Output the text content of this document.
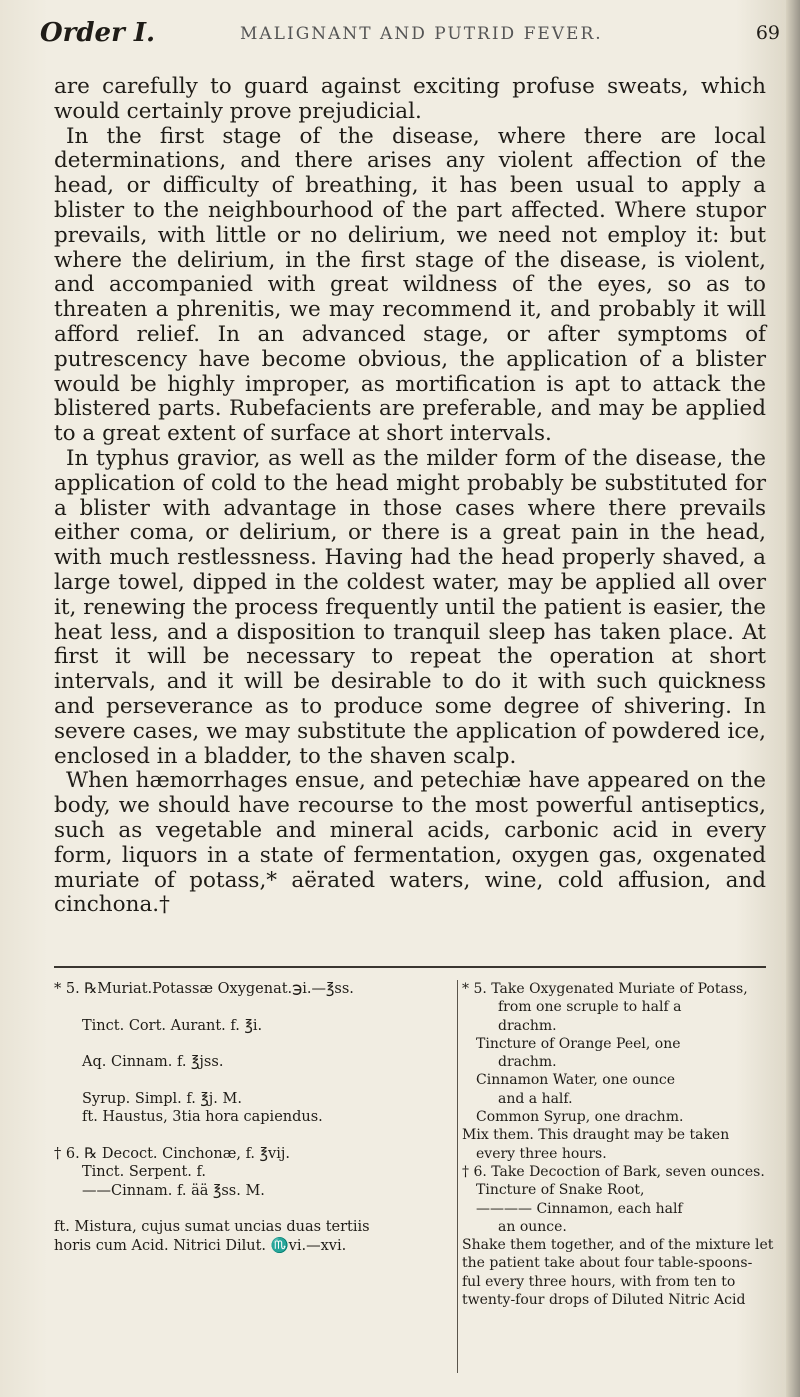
Order I.	MALIGNANT AND PUTRID FEVER.	69

are carefully to guard against exciting profuse sweats, which would certainly prove prejudicial.

In the first stage of the disease, where there are local determinations, and there arises any violent affection of the head, or difficulty of breathing, it has been usual to apply a blister to the neighbourhood of the part affected. Where stupor prevails, with little or no delirium, we need not employ it: but where the delirium, in the first stage of the disease, is violent, and accompanied with great wildness of the eyes, so as to threaten a phrenitis, we may recommend it, and probably it will afford relief. In an advanced stage, or after symptoms of putrescency have become obvious, the application of a blister would be highly improper, as mortification is apt to attack the blistered parts. Rubefacients are preferable, and may be applied to a great extent of surface at short intervals.

In typhus gravior, as well as the milder form of the disease, the application of cold to the head might probably be substituted for a blister with advantage in those cases where there prevails either coma, or delirium, or there is a great pain in the head, with much restlessness. Having had the head properly shaved, a large towel, dipped in the coldest water, may be applied all over it, renewing the process frequently until the patient is easier, the heat less, and a disposition to tranquil sleep has taken place. At first it will be necessary to repeat the operation at short intervals, and it will be desirable to do it with such quickness and perseverance as to produce some degree of shivering. In severe cases, we may substitute the application of powdered ice, enclosed in a bladder, to the shaven scalp.

When hæmorrhages ensue, and petechiæ have appeared on the body, we should have recourse to the most powerful antiseptics, such as vegetable and mineral acids, carbonic acid in every form, liquors in a state of fermentation, oxygen gas, oxgenated muriate of potass,* aërated waters, wine, cold affusion, and cinchona.†

* 5. ℞Muriat.Potassæ Oxygenat.℈i.—℥ss.
Tinct. Cort. Aurant. f. ℥i.
Aq. Cinnam. f. ℥jss.
Syrup. Simpl. f. ℥j. M.
ft. Haustus, 3tia hora capiendus.
† 6. ℞ Decoct. Cinchonæ, f. ℥vij.
Tinct. Serpent. f.
——Cinnam. f. ää ℥ss. M.
ft. Mistura, cujus sumat uncias duas tertiis
horis cum Acid. Nitrici Dilut. ♏vi.—xvi.
* 5. Take Oxygenated Muriate of Potass,
from one scruple to half a
drachm.
Tincture of Orange Peel, one
drachm.
Cinnamon Water, one ounce
and a half.
Common Syrup, one drachm.
Mix them. This draught may be taken
every three hours.
† 6. Take Decoction of Bark, seven ounces.
Tincture of Snake Root,
———— Cinnamon, each half
an ounce.
Shake them together, and of the mixture let
the patient take about four table-spoons-
ful every three hours, with from ten to
twenty-four drops of Diluted Nitric Acid
